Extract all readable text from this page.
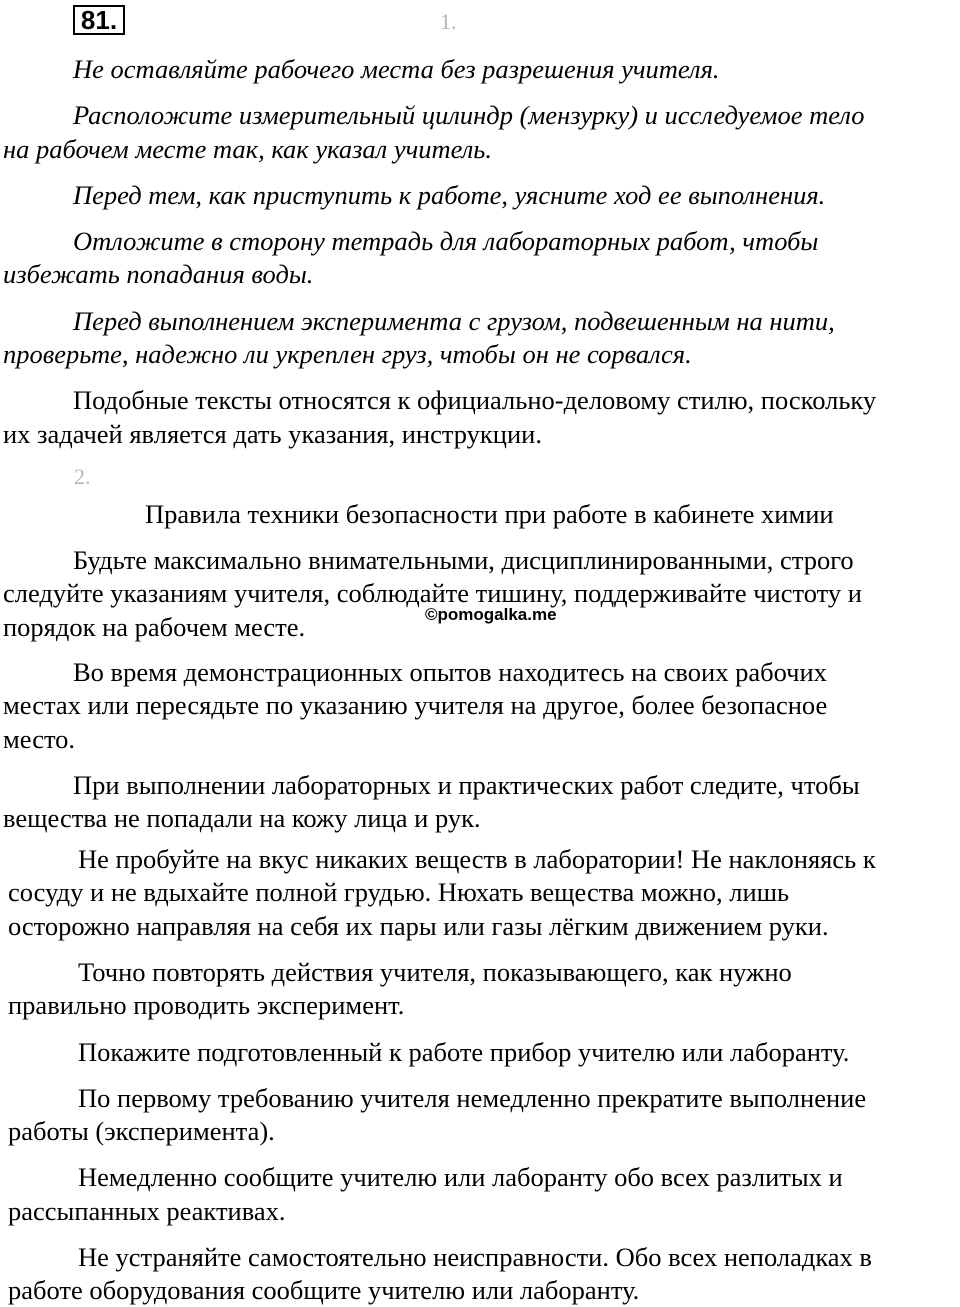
81.	1.
Не оставляйте рабочего места без разрешения учителя.
Расположите измерительный цилиндр (мензурку) и исследуемое тело
на рабочем месте так, как указал учитель.
Перед тем, как приступить к работе, уясните ход ее выполнения.
Отложите в сторону тетрадь для лабораторных работ, чтобы
избежать попадания воды.
Перед выполнением эксперимента с грузом, подвешенным на нити,
проверьте, надежно ли укреплен груз, чтобы он не сорвался.
Подобные тексты относятся к официально-деловому стилю, поскольку
их задачей является дать указания, инструкции.
2.
Правила техники безопасности при работе в кабинете химии
Будьте максимально внимательными, дисциплинированными, строго
следуйте указаниям учителя, соблюдайте тишину, поддерживайте чистоту и
порядок на рабочем месте.	©pomogalka.me
Во время демонстрационных опытов находитесь на своих рабочих
местах или пересядьте по указанию учителя на другое, более безопасное
место.
При выполнении лабораторных и практических работ следите, чтобы
вещества не попадали на кожу лица и рук.
Не пробуйте на вкус никаких веществ в лаборатории! Не наклоняясь к
сосуду и не вдыхайте полной грудью. Нюхать вещества можно, лишь
осторожно направляя на себя их пары или газы лёгким движением руки.
Точно повторять действия учителя, показывающего, как нужно
правильно проводить эксперимент.
Покажите подготовленный к работе прибор учителю или лаборанту.
По первому требованию учителя немедленно прекратите выполнение
работы (эксперимента).
Немедленно сообщите учителю или лаборанту обо всех разлитых и
рассыпанных реактивах.
Не устраняйте самостоятельно неисправности. Обо всех неполадках в
работе оборудования сообщите учителю или лаборанту.
